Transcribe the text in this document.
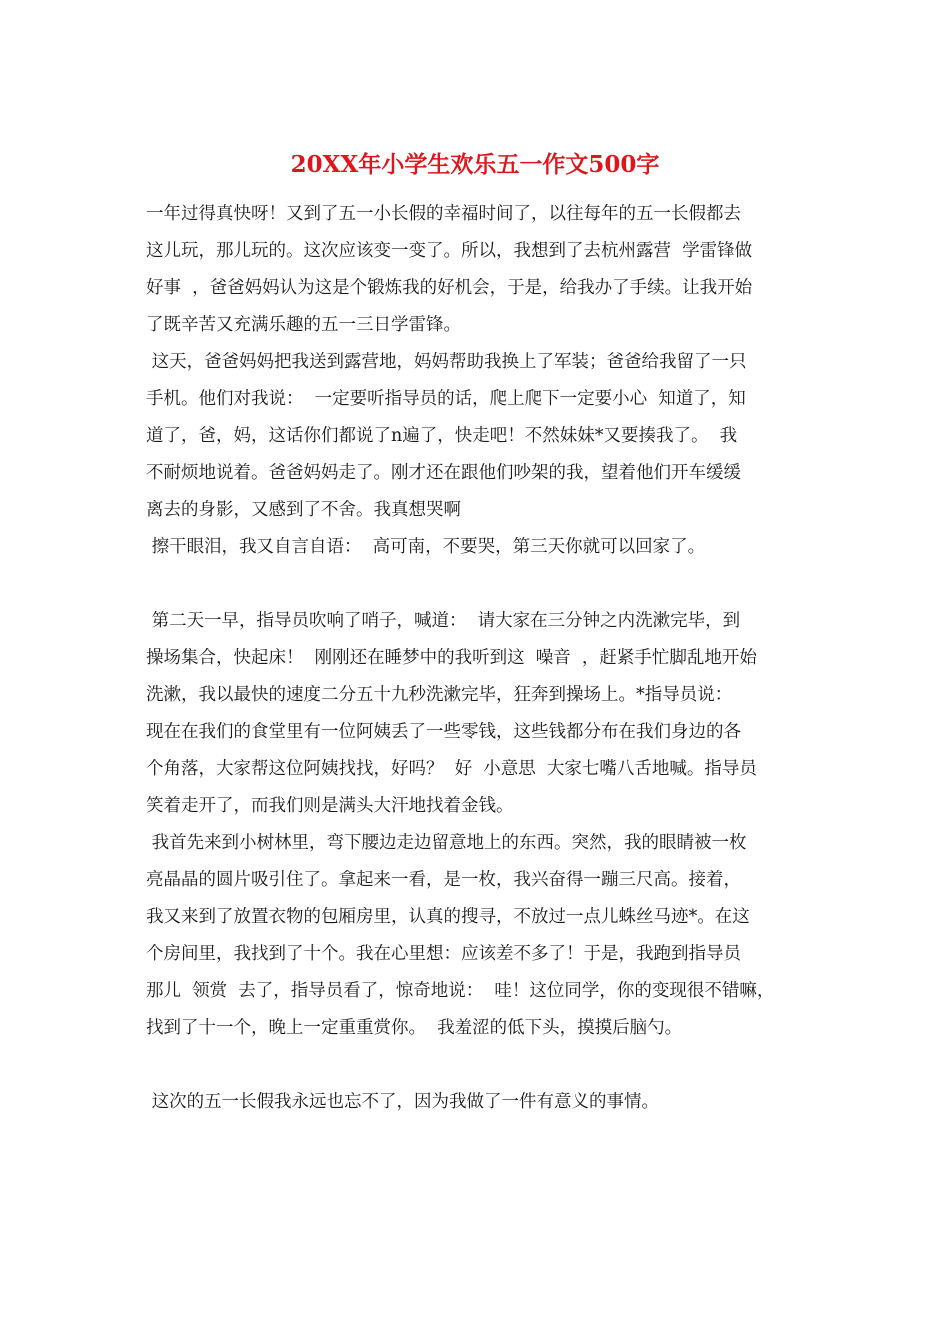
20XX年小学生欢乐五一作文500字
一年过得真快呀！又到了五一小长假的幸福时间了，以往每年的五一长假都去
这儿玩，那儿玩的。这次应该变一变了。所以，我想到了去杭州露营  学雷锋做
好事  ，爸爸妈妈认为这是个锻炼我的好机会，于是，给我办了手续。让我开始
了既辛苦又充满乐趣的五一三日学雷锋。
这天，爸爸妈妈把我送到露营地，妈妈帮助我换上了军装；爸爸给我留了一只
手机。他们对我说：  一定要听指导员的话，爬上爬下一定要小心  知道了，知
道了，爸，妈，这话你们都说了n遍了，快走吧！不然妹妹*又要揍我了。  我
不耐烦地说着。爸爸妈妈走了。刚才还在跟他们吵架的我，望着他们开车缓缓
离去的身影，又感到了不舍。我真想哭啊
擦干眼泪，我又自言自语：  高可南，不要哭，第三天你就可以回家了。
第二天一早，指导员吹响了哨子，喊道：  请大家在三分钟之内洗漱完毕，到
操场集合，快起床！  刚刚还在睡梦中的我听到这  噪音  ，赶紧手忙脚乱地开始
洗漱，我以最快的速度二分五十九秒洗漱完毕，狂奔到操场上。*指导员说：
现在在我们的食堂里有一位阿姨丢了一些零钱，这些钱都分布在我们身边的各
个角落，大家帮这位阿姨找找，好吗？  好  小意思  大家七嘴八舌地喊。指导员
笑着走开了，而我们则是满头大汗地找着金钱。
我首先来到小树林里，弯下腰边走边留意地上的东西。突然，我的眼睛被一枚
亮晶晶的圆片吸引住了。拿起来一看，是一枚，我兴奋得一蹦三尺高。接着，
我又来到了放置衣物的包厢房里，认真的搜寻，不放过一点儿蛛丝马迹*。在这
个房间里，我找到了十个。我在心里想：应该差不多了！于是，我跑到指导员
那儿  领赏  去了，指导员看了，惊奇地说：  哇！这位同学，你的变现很不错嘛，
找到了十一个，晚上一定重重赏你。  我羞涩的低下头，摸摸后脑勺。
这次的五一长假我永远也忘不了，因为我做了一件有意义的事情。
